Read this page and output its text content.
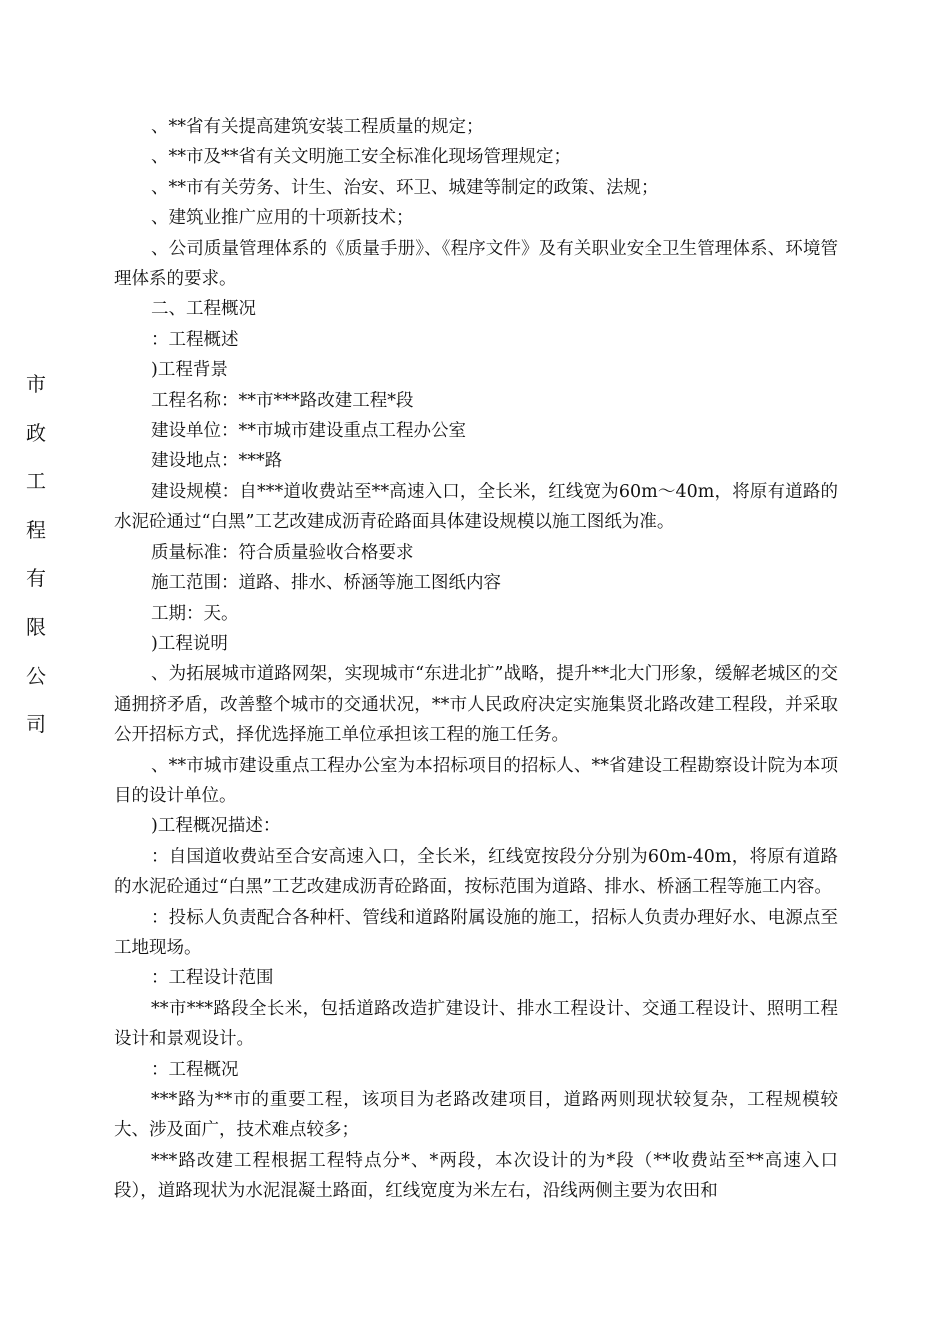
市
政
工
程
有
限
公
司

、**省有关提高建筑安装工程质量的规定；

、**市及**省有关文明施工安全标准化现场管理规定；

、**市有关劳务、计生、治安、环卫、城建等制定的政策、法规；

、建筑业推广应用的十项新技术；

、公司质量管理体系的《质量手册》、《程序文件》及有关职业安全卫生管理体系、环境管理体系的要求。

二、工程概况

：工程概述

)工程背景

工程名称：**市***路改建工程*段

建设单位：**市城市建设重点工程办公室

建设地点：***路

建设规模：自***道收费站至**高速入口，全长米，红线宽为60m～40m，将原有道路的水泥砼通过“白黑”工艺改建成沥青砼路面具体建设规模以施工图纸为准。

质量标准：符合质量验收合格要求

施工范围：道路、排水、桥涵等施工图纸内容

工期：天。

)工程说明

、为拓展城市道路网架，实现城市“东进北扩”战略，提升**北大门形象，缓解老城区的交通拥挤矛盾，改善整个城市的交通状况，**市人民政府决定实施集贤北路改建工程段，并采取公开招标方式，择优选择施工单位承担该工程的施工任务。

、**市城市建设重点工程办公室为本招标项目的招标人、**省建设工程勘察设计院为本项目的设计单位。

)工程概况描述：

：自国道收费站至合安高速入口，全长米，红线宽按段分分别为60m-40m，将原有道路的水泥砼通过“白黑”工艺改建成沥青砼路面，按标范围为道路、排水、桥涵工程等施工内容。

：投标人负责配合各种杆、管线和道路附属设施的施工，招标人负责办理好水、电源点至工地现场。

：工程设计范围

**市***路段全长米，包括道路改造扩建设计、排水工程设计、交通工程设计、照明工程设计和景观设计。

：工程概况

***路为**市的重要工程，该项目为老路改建项目，道路两则现状较复杂，工程规模较大、涉及面广，技术难点较多；

***路改建工程根据工程特点分*、*两段，本次设计的为*段（**收费站至**高速入口段），道路现状为水泥混凝土路面，红线宽度为米左右，沿线两侧主要为农田和
